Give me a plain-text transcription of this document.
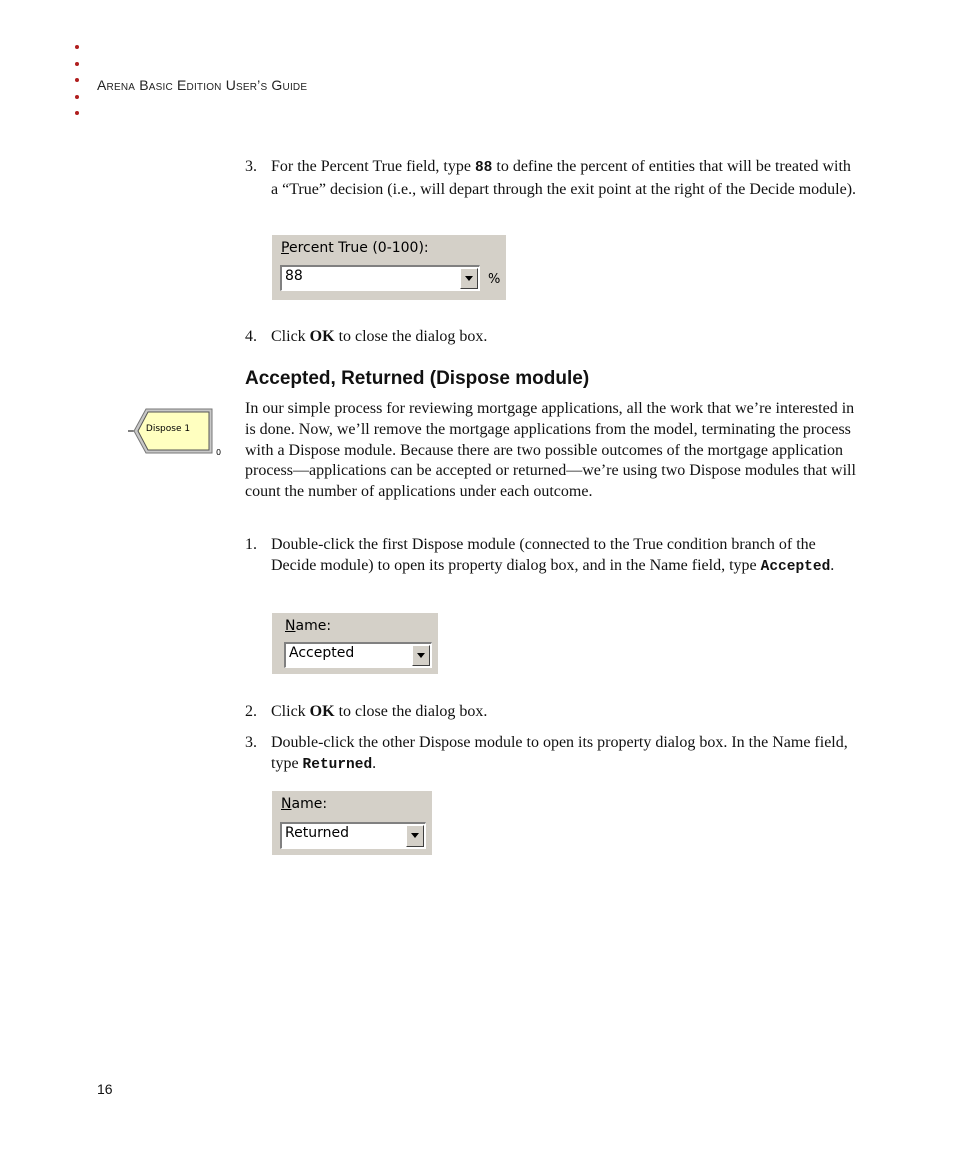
Arena Basic Edition User’s Guide
3. For the Percent True field, type 88 to define the percent of entities that will be treated with a “True” decision (i.e., will depart through the exit point at the right of the Decide module).
Percent True (0-100):
88	%
4. Click OK to close the dialog box.
Accepted, Returned (Dispose module)
Dispose 1
0
In our simple process for reviewing mortgage applications, all the work that we’re interested in is done. Now, we’ll remove the mortgage applications from the model, terminating the process with a Dispose module. Because there are two possible outcomes of the mortgage application process—applications can be accepted or returned—we’re using two Dispose modules that will count the number of applications under each outcome.
1. Double-click the first Dispose module (connected to the True condition branch of the Decide module) to open its property dialog box, and in the Name field, type Accepted.
Name:
Accepted
2. Click OK to close the dialog box.
3. Double-click the other Dispose module to open its property dialog box. In the Name field, type Returned.
Name:
Returned
16
